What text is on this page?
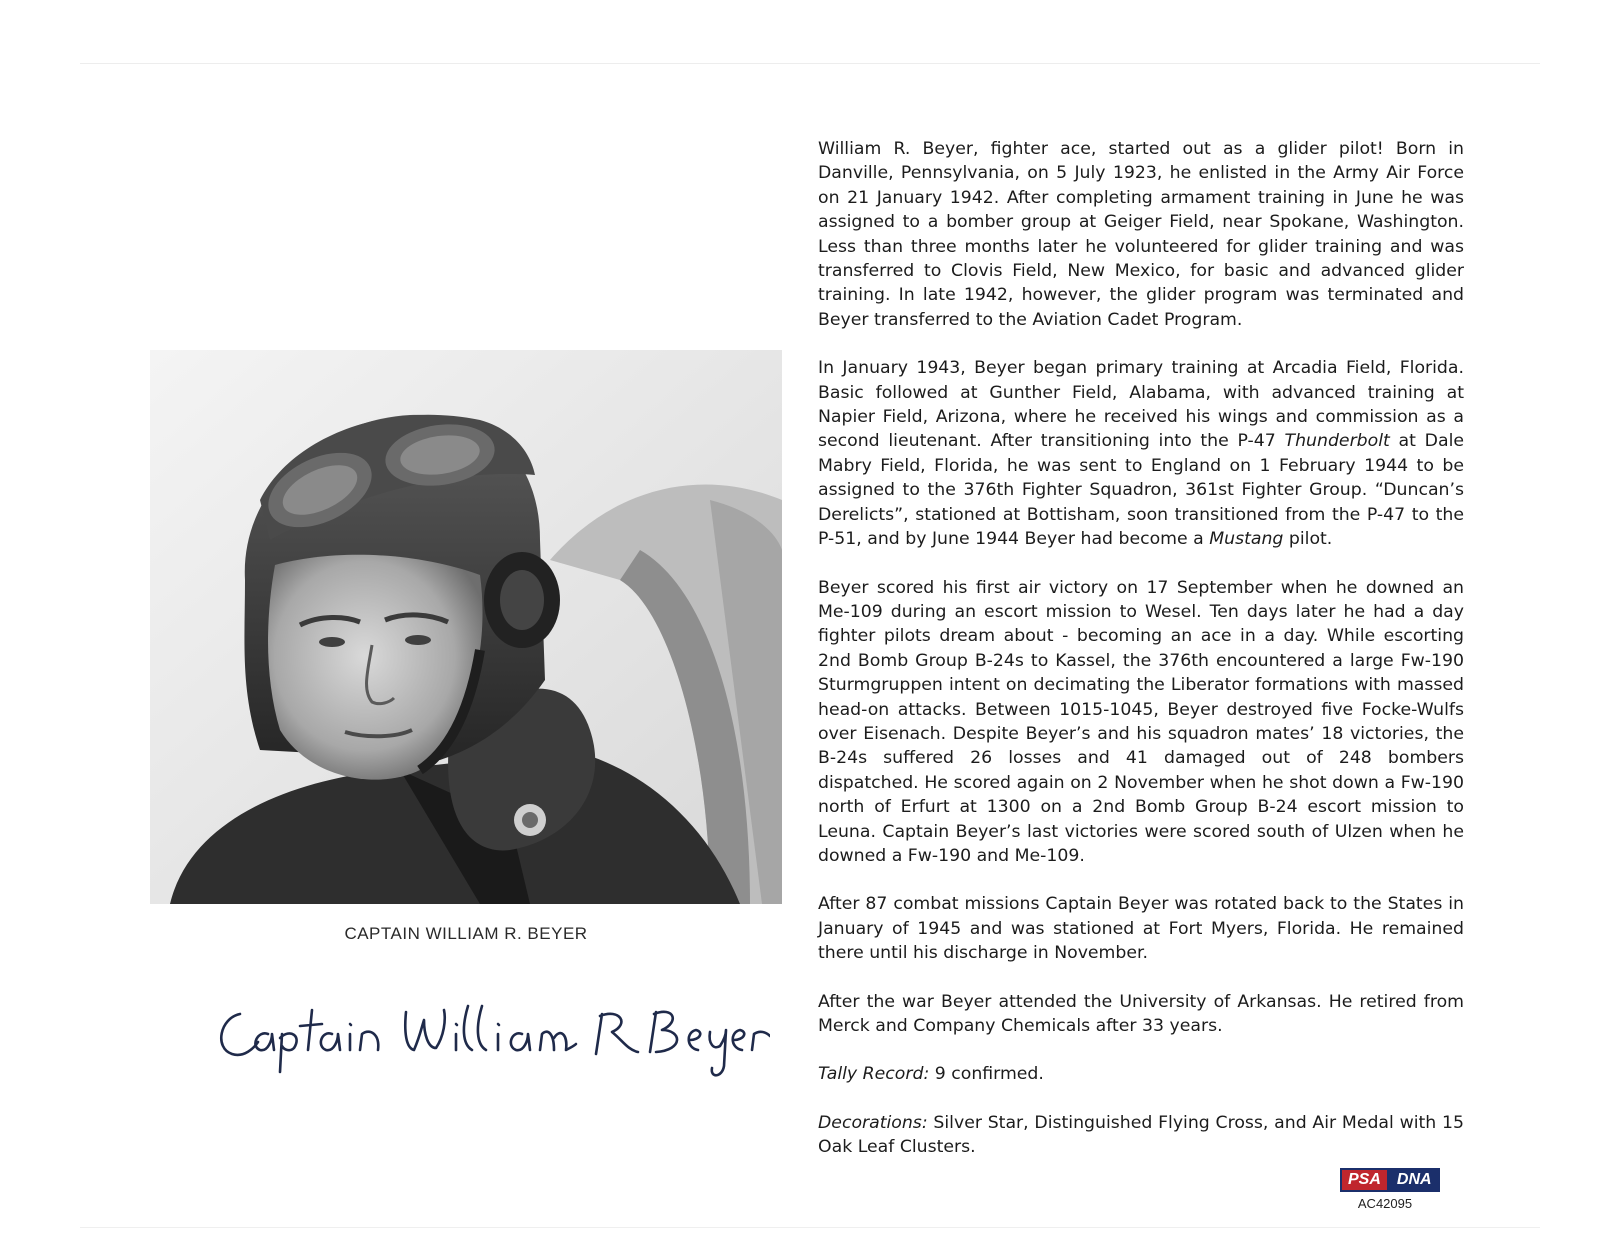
CAPTAIN WILLIAM R. BEYER

William R. Beyer, fighter ace, started out as a glider pilot! Born in Danville, Pennsylvania, on 5 July 1923, he enlisted in the Army Air Force on 21 January 1942. After completing armament training in June he was assigned to a bomber group at Geiger Field, near Spokane, Washington. Less than three months later he volunteered for glider training and was transferred to Clovis Field, New Mexico, for basic and advanced glider training. In late 1942, however, the glider program was terminated and Beyer transferred to the Aviation Cadet Program.

In January 1943, Beyer began primary training at Arcadia Field, Florida. Basic followed at Gunther Field, Alabama, with advanced training at Napier Field, Arizona, where he received his wings and commission as a second lieutenant. After transitioning into the P-47 Thunderbolt at Dale Mabry Field, Florida, he was sent to England on 1 February 1944 to be assigned to the 376th Fighter Squadron, 361st Fighter Group. “Duncan’s Derelicts”, stationed at Bottisham, soon transitioned from the P-47 to the P-51, and by June 1944 Beyer had become a Mustang pilot.

Beyer scored his first air victory on 17 September when he downed an Me-109 during an escort mission to Wesel. Ten days later he had a day fighter pilots dream about - becoming an ace in a day. While escorting 2nd Bomb Group B-24s to Kassel, the 376th encountered a large Fw-190 Sturmgruppen intent on decimating the Liberator formations with massed head-on attacks. Between 1015-1045, Beyer destroyed five Focke-Wulfs over Eisenach. Despite Beyer’s and his squadron mates’ 18 victories, the B-24s suffered 26 losses and 41 damaged out of 248 bombers dispatched. He scored again on 2 November when he shot down a Fw-190 north of Erfurt at 1300 on a 2nd Bomb Group B-24 escort mission to Leuna. Captain Beyer’s last victories were scored south of Ulzen when he downed a Fw-190 and Me-109.

After 87 combat missions Captain Beyer was rotated back to the States in January of 1945 and was stationed at Fort Myers, Florida. He remained there until his discharge in November.

After the war Beyer attended the University of Arkansas. He retired from Merck and Company Chemicals after 33 years.

Tally Record: 9 confirmed.

Decorations: Silver Star, Distinguished Flying Cross, and Air Medal with 15 Oak Leaf Clusters.

PSA	DNA
AC42095
